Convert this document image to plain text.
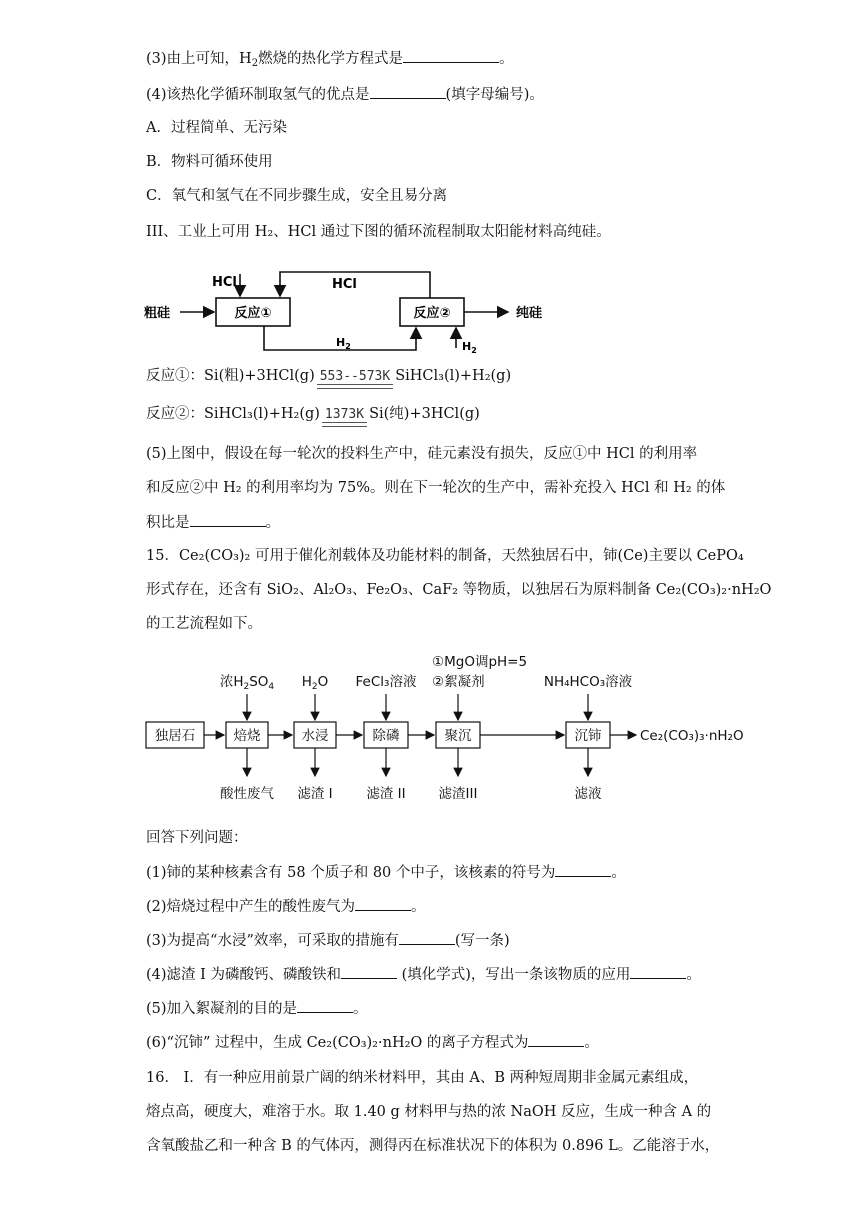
(3)由上可知，$H_2$燃烧的热化学方程式是	。
(4)该热化学循环制取氢气的优点是	(填字母编号)。
A．过程简单、无污染
B．物料可循环使用
C．氧气和氢气在不同步骤生成，安全且易分离
III、工业上可用 H₂、HCl 通过下图的循环流程制取太阳能材料高纯硅。
HCl	HCl
粗硅	反应①	反应②	纯硅
$H_2$	$H_2$
反应①：Si(粗)+3HCl(g) 553--573K SiHCl₃(l)+H₂(g)
反应②：SiHCl₃(l)+H₂(g) 1373K Si(纯)+3HCl(g)
(5)上图中，假设在每一轮次的投料生产中，硅元素没有损失，反应①中 HCl 的利用率
和反应②中 H₂ 的利用率均为 75%。则在下一轮次的生产中，需补充投入 HCl 和 H₂ 的体
积比是	。
15．Ce₂(CO₃)₂ 可用于催化剂载体及功能材料的制备，天然独居石中，铈(Ce)主要以 CePO₄
形式存在，还含有 SiO₂、Al₂O₃、Fe₂O₃、CaF₂ 等物质，以独居石为原料制备 Ce₂(CO₃)₂·nH₂O
的工艺流程如下。
浓$H_2SO_4$ $H_2O$ FeCl₃溶液
①MgO调pH=5
②絮凝剂	NH₄HCO₃溶液
独居石	焙烧	水浸	除磷	聚沉	沉铈	Ce₂(CO₃)₃·nH₂O
酸性废气 滤渣 I 滤渣 II 滤渣III	滤液
回答下列问题：
(1)铈的某种核素含有 58 个质子和 80 个中子，该核素的符号为	。
(2)焙烧过程中产生的酸性废气为	。
(3)为提高“水浸”效率，可采取的措施有	(写一条)
(4)滤渣 I 为磷酸钙、磷酸铁和	(填化学式)，写出一条该物质的应用	。
(5)加入絮凝剂的目的是	。
(6)“沉铈” 过程中，生成 Ce₂(CO₃)₂·nH₂O 的离子方程式为	。
16． I．有一种应用前景广阔的纳米材料甲，其由 A、B 两种短周期非金属元素组成，
熔点高，硬度大，难溶于水。取 1.40 g 材料甲与热的浓 NaOH 反应，生成一种含 A 的
含氧酸盐乙和一种含 B 的气体丙，测得丙在标准状况下的体积为 0.896 L。乙能溶于水，
